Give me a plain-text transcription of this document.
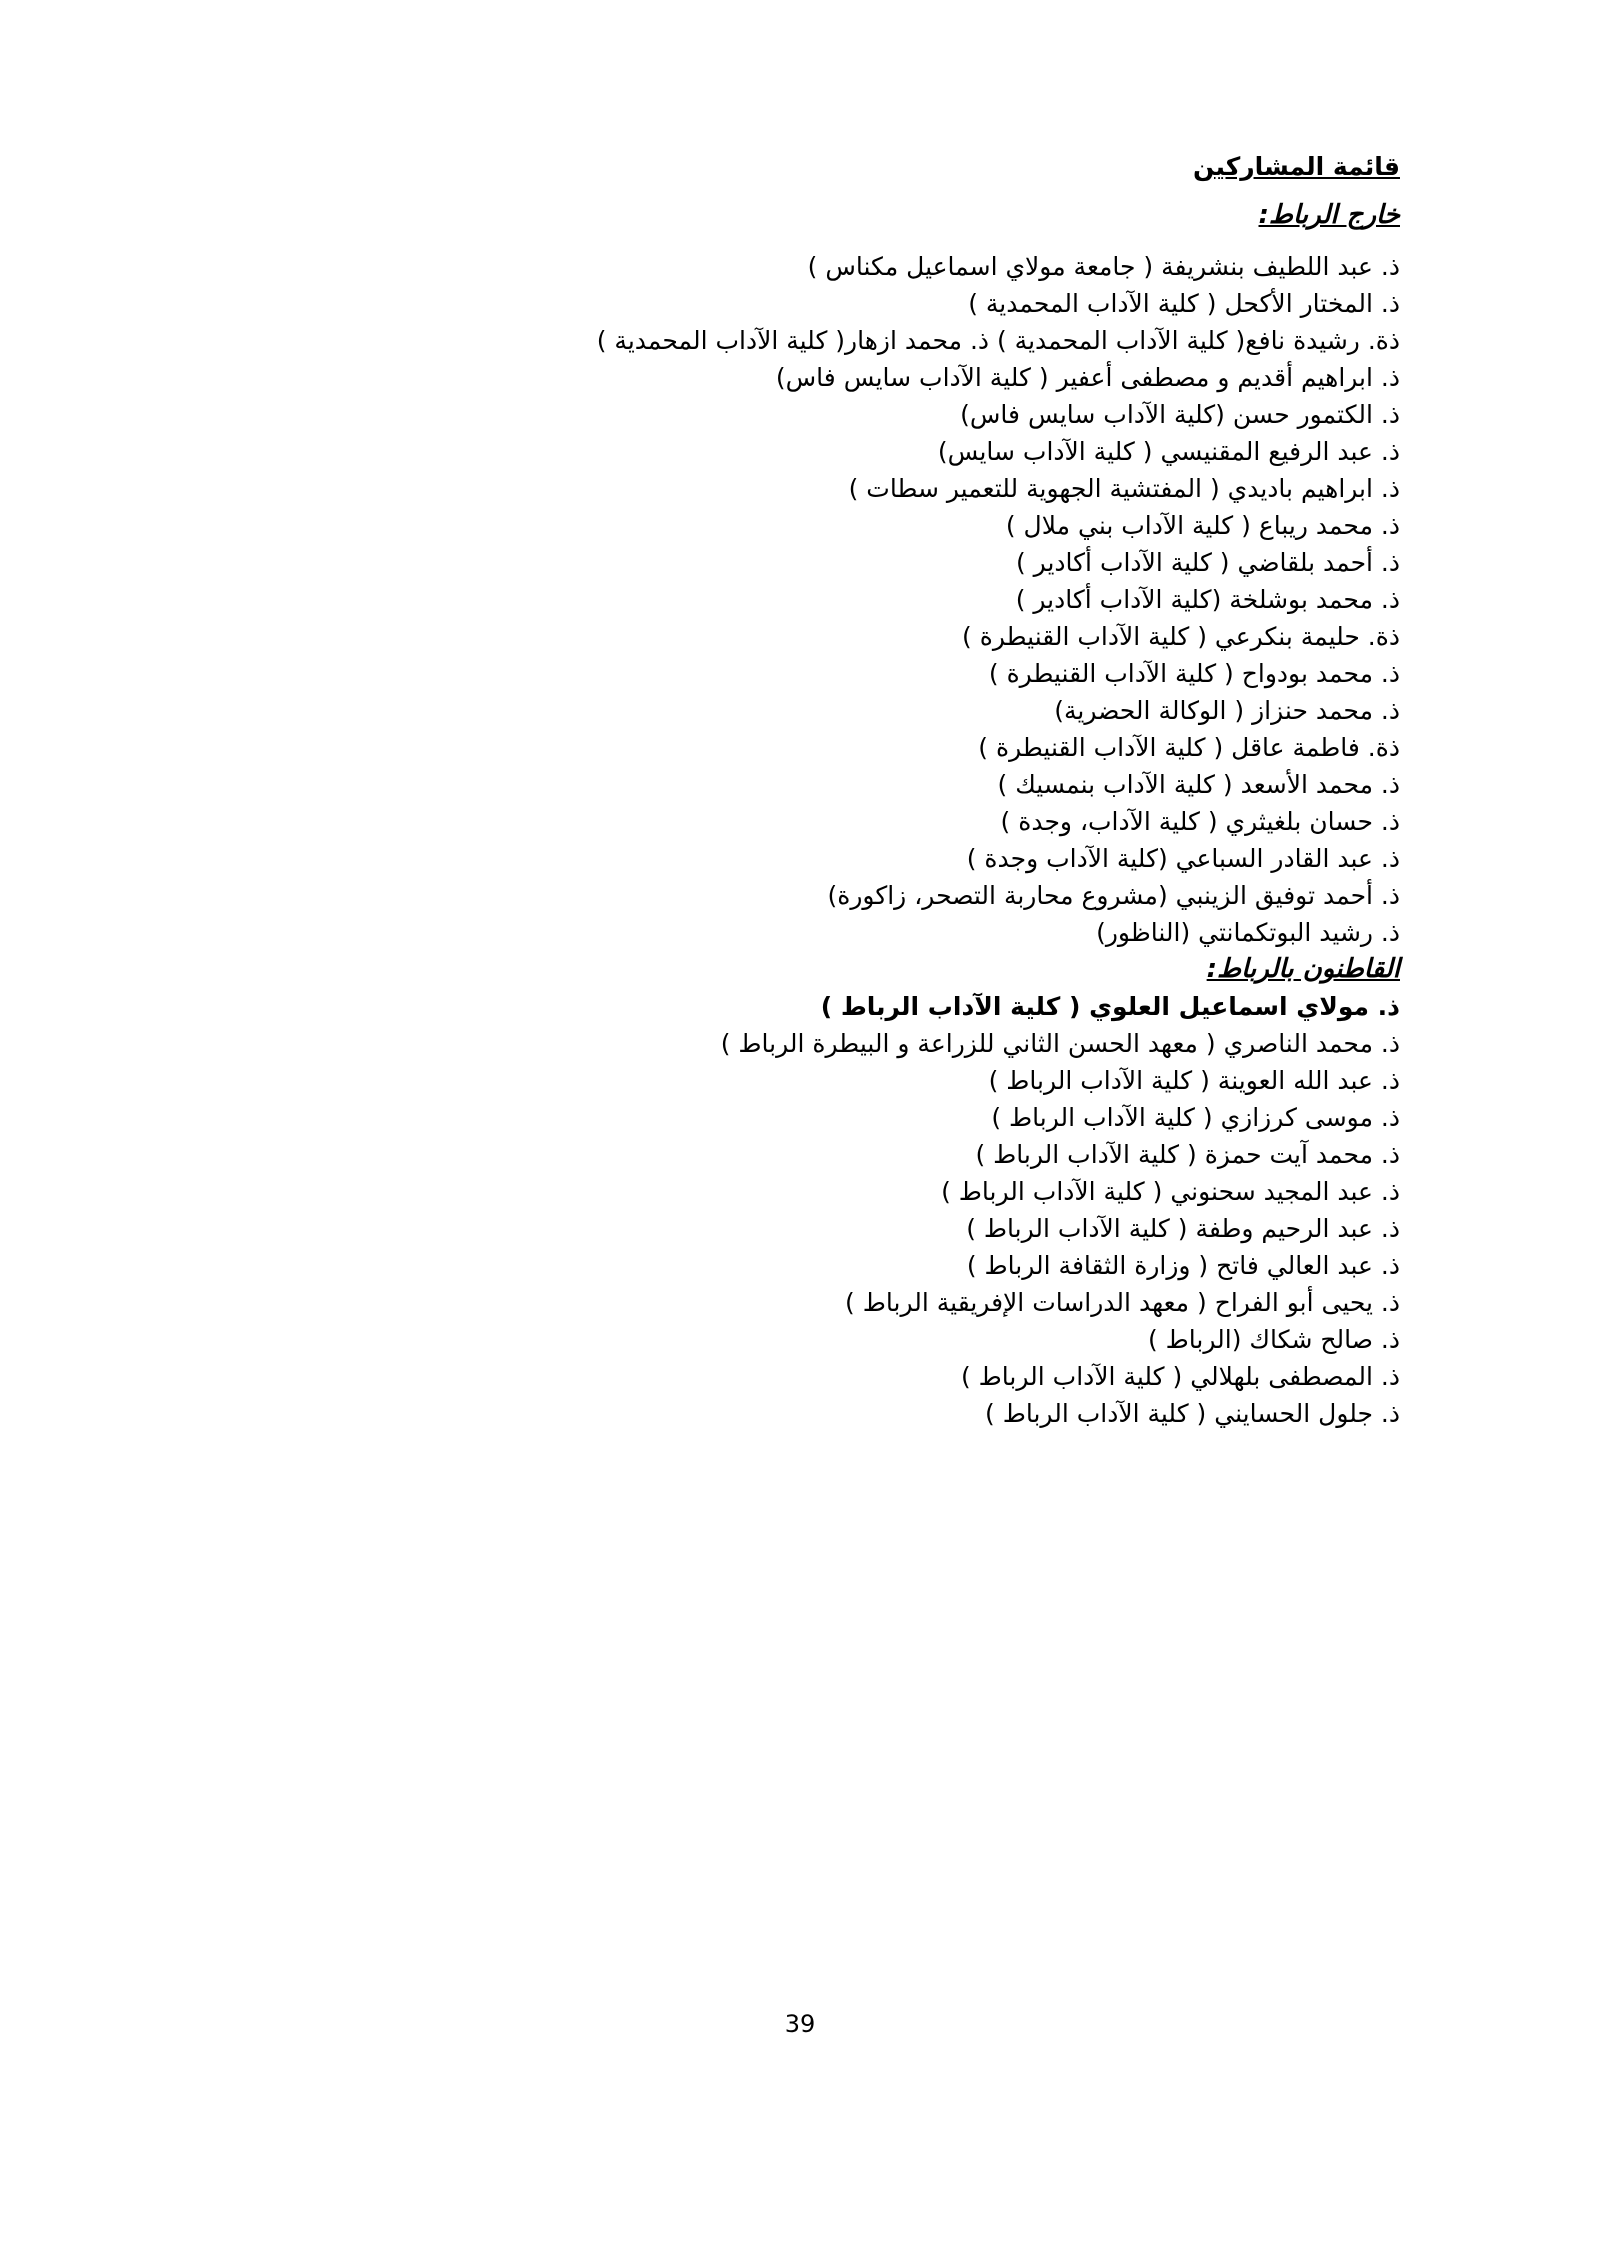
قائمة المشاركين
خارج الرباط:
ذ. عبد اللطيف بنشريفة ( جامعة مولاي اسماعيل مكناس )
ذ. المختار الأكحل ( كلية الآداب المحمدية )
ذة. رشيدة نافع( كلية الآداب المحمدية ) ذ. محمد ازهار( كلية الآداب المحمدية )
ذ. ابراهيم أقديم و مصطفى أعفير ( كلية الآداب سايس فاس)
ذ. الكتمور حسن (كلية الآداب سايس فاس)
ذ. عبد الرفيع المقنيسي ( كلية الآداب سايس)
ذ. ابراهيم باديدي ( المفتشية الجهوية للتعمير سطات )
ذ. محمد ريباع ( كلية الآداب بني ملال )
ذ. أحمد بلقاضي ( كلية الآداب أكادير )
ذ. محمد بوشلخة (كلية الآداب أكادير )
ذة. حليمة بنكرعي ( كلية الآداب القنيطرة )
ذ. محمد بودواح ( كلية الآداب القنيطرة )
ذ. محمد حنزاز ( الوكالة الحضرية)
ذة. فاطمة عاقل ( كلية الآداب القنيطرة )
ذ. محمد الأسعد ( كلية الآداب بنمسيك )
ذ. حسان بلغيثري ( كلية الآداب، وجدة )
ذ. عبد القادر السباعي (كلية الآداب وجدة )
ذ. أحمد توفيق الزينبي (مشروع محاربة التصحر، زاكورة)
ذ. رشيد البوتكمانتي (الناظور)
القاطنون بالرباط:
ذ. مولاي اسماعيل العلوي ( كلية الآداب الرباط )
ذ. محمد الناصري ( معهد الحسن الثاني للزراعة و البيطرة الرباط )
ذ. عبد الله العوينة ( كلية الآداب الرباط )
ذ. موسى كرزازي ( كلية الآداب الرباط )
ذ. محمد آيت حمزة ( كلية الآداب الرباط )
ذ. عبد المجيد سحنوني ( كلية الآداب الرباط )
ذ. عبد الرحيم وطفة ( كلية الآداب الرباط )
ذ. عبد العالي فاتح ( وزارة الثقافة الرباط )
ذ. يحيى أبو الفراح ( معهد الدراسات الإفريقية الرباط )
ذ. صالح شكاك (الرباط )
ذ. المصطفى بلهلالي ( كلية الآداب الرباط )
ذ. جلول الحسايني ( كلية الآداب الرباط )
39
